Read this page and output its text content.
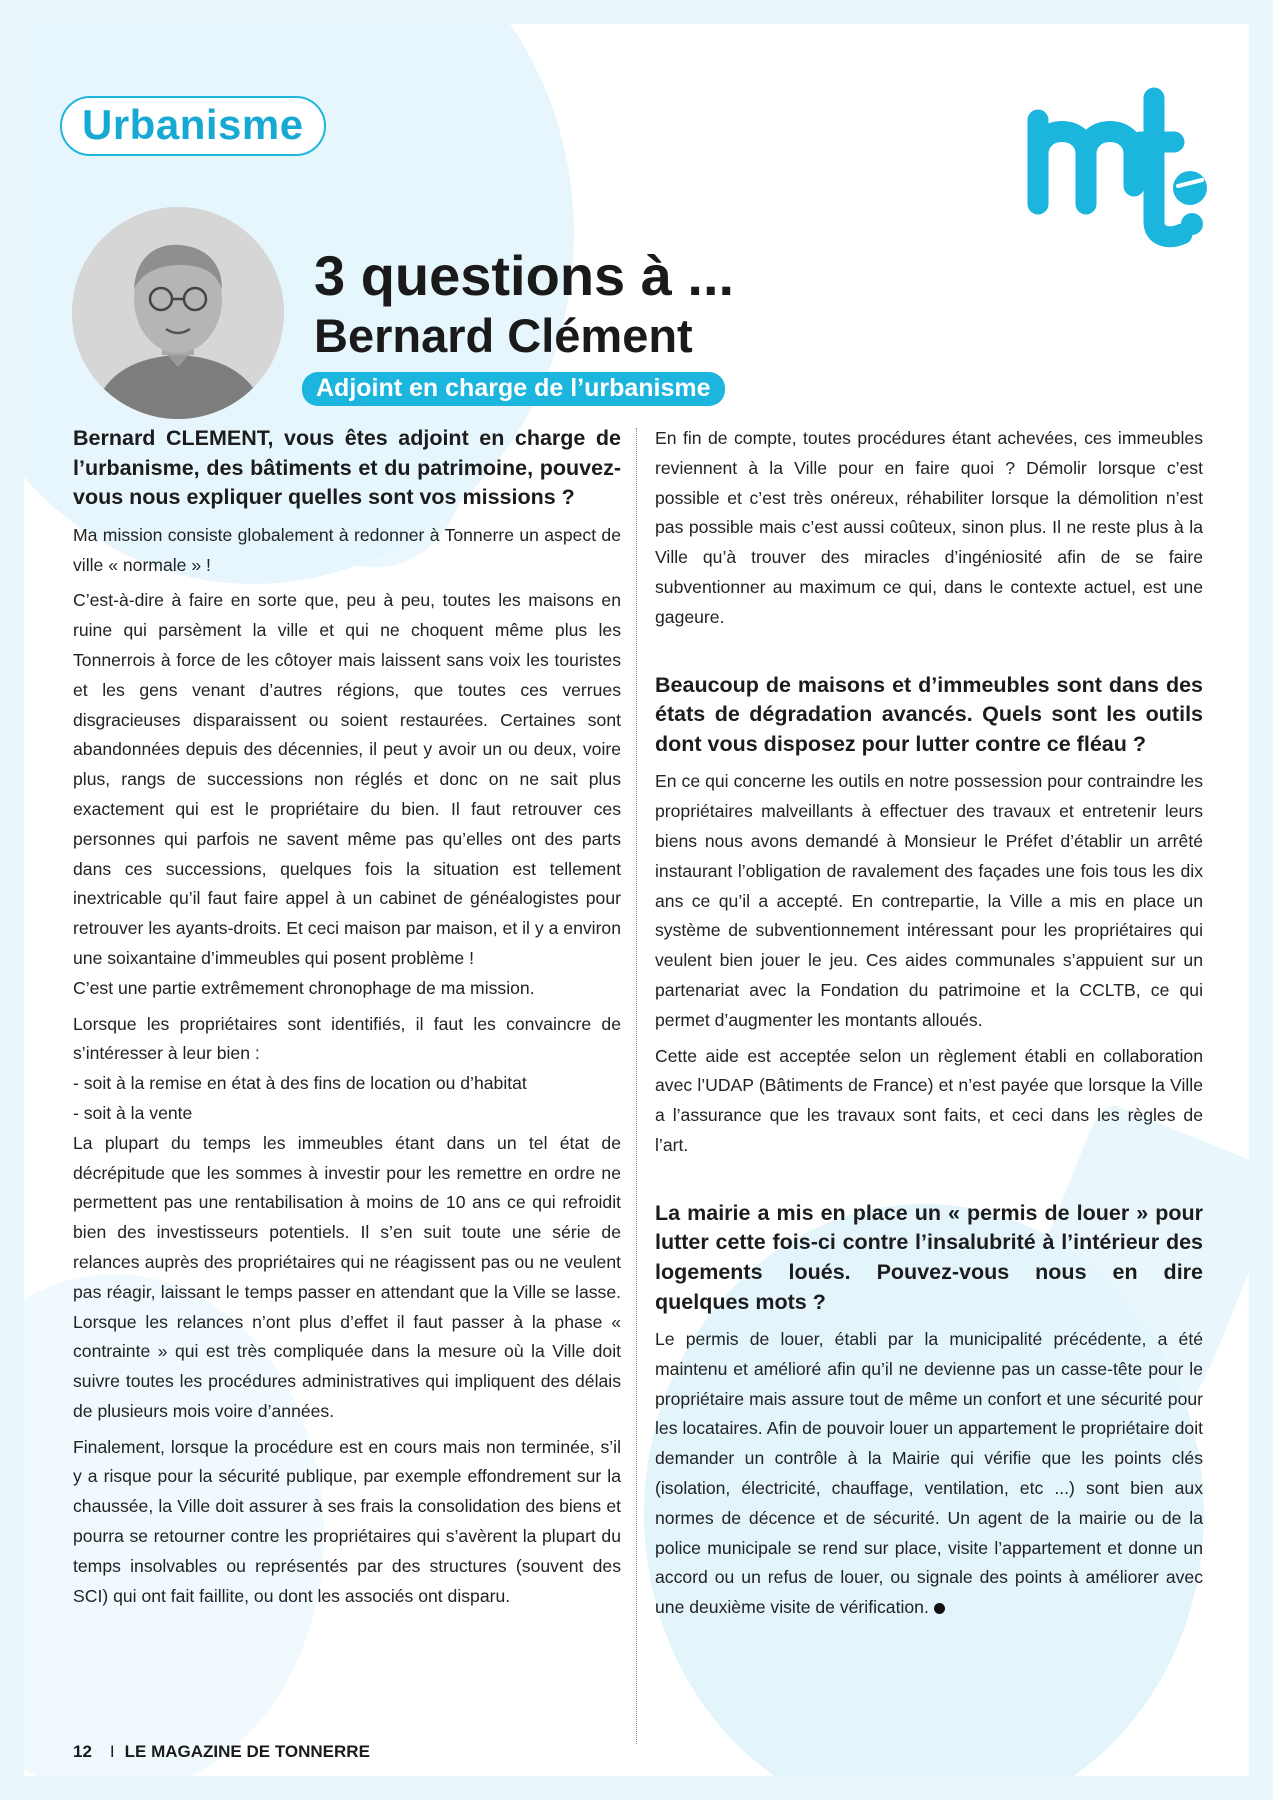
Urbanisme
3 questions à ...
Bernard Clément
Adjoint en charge de l’urbanisme

Bernard CLEMENT, vous êtes adjoint en charge de l’urbanisme, des bâtiments et du patrimoine, pouvez-vous nous expliquer quelles sont vos missions ?

Ma mission consiste globalement à redonner à Tonnerre un aspect de ville « normale » !

C’est-à-dire à faire en sorte que, peu à peu, toutes les maisons en ruine qui parsèment la ville et qui ne choquent même plus les Tonnerrois à force de les côtoyer mais laissent sans voix les touristes et les gens venant d’autres régions, que toutes ces verrues disgracieuses disparaissent ou soient restaurées. Certaines sont abandonnées depuis des décennies, il peut y avoir un ou deux, voire plus, rangs de successions non réglés et donc on ne sait plus exactement qui est le propriétaire du bien. Il faut retrouver ces personnes qui parfois ne savent même pas qu’elles ont des parts dans ces successions, quelques fois la situation est tellement inextricable qu’il faut faire appel à un cabinet de généalogistes pour retrouver les ayants-droits. Et ceci maison par maison, et il y a environ une soixantaine d’immeubles qui posent problème !

C’est une partie extrêmement chronophage de ma mission.

Lorsque les propriétaires sont identifiés, il faut les convaincre de s’intéresser à leur bien :

- soit à la remise en état à des fins de location ou d’habitat

- soit à la vente

La plupart du temps les immeubles étant dans un tel état de décrépitude que les sommes à investir pour les remettre en ordre ne permettent pas une rentabilisation à moins de 10 ans ce qui refroidit bien des investisseurs potentiels. Il s’en suit toute une série de relances auprès des propriétaires qui ne réagissent pas ou ne veulent pas réagir, laissant le temps passer en attendant que la Ville se lasse. Lorsque les relances n’ont plus d’effet il faut passer à la phase « contrainte » qui est très compliquée dans la mesure où la Ville doit suivre toutes les procédures administratives qui impliquent des délais de plusieurs mois voire d’années.

Finalement, lorsque la procédure est en cours mais non terminée, s’il y a risque pour la sécurité publique, par exemple effondrement sur la chaussée, la Ville doit assurer à ses frais la consolidation des biens et pourra se retourner contre les propriétaires qui s’avèrent la plupart du temps insolvables ou représentés par des structures (souvent des SCI) qui ont fait faillite, ou dont les associés ont disparu.

En fin de compte, toutes procédures étant achevées, ces immeubles reviennent à la Ville pour en faire quoi ? Démolir lorsque c’est possible et c’est très onéreux, réhabiliter lorsque la démolition n’est pas possible mais c’est aussi coûteux, sinon plus. Il ne reste plus à la Ville qu’à trouver des miracles d’ingéniosité afin de se faire subventionner au maximum ce qui, dans le contexte actuel, est une gageure.

Beaucoup de maisons et d’immeubles sont dans des états de dégradation avancés. Quels sont les outils dont vous disposez pour lutter contre ce fléau ?

En ce qui concerne les outils en notre possession pour contraindre les propriétaires malveillants à effectuer des travaux et entretenir leurs biens nous avons demandé à Monsieur le Préfet d’établir un arrêté instaurant l’obligation de ravalement des façades une fois tous les dix ans ce qu’il a accepté. En contrepartie, la Ville a mis en place un système de subventionnement intéressant pour les propriétaires qui veulent bien jouer le jeu. Ces aides communales s’appuient sur un partenariat avec la Fondation du patrimoine et la CCLTB, ce qui permet d’augmenter les montants alloués.

Cette aide est acceptée selon un règlement établi en collaboration avec l’UDAP (Bâtiments de France) et n’est payée que lorsque la Ville a l’assurance que les travaux sont faits, et ceci dans les règles de l’art.

La mairie a mis en place un « permis de louer » pour lutter cette fois-ci contre l’insalubrité à l’intérieur des logements loués. Pouvez-vous nous en dire quelques mots ?

Le permis de louer, établi par la municipalité précédente, a été maintenu et amélioré afin qu’il ne devienne pas un casse-tête pour le propriétaire mais assure tout de même un confort et une sécurité pour les locataires. Afin de pouvoir louer un appartement le propriétaire doit demander un contrôle à la Mairie qui vérifie que les points clés (isolation, électricité, chauffage, ventilation, etc ...) sont bien aux normes de décence et de sécurité. Un agent de la mairie ou de la police municipale se rend sur place, visite l’appartement et donne un accord ou un refus de louer, ou signale des points à améliorer avec une deuxième visite de vérification.

12 I LE MAGAZINE DE TONNERRE
